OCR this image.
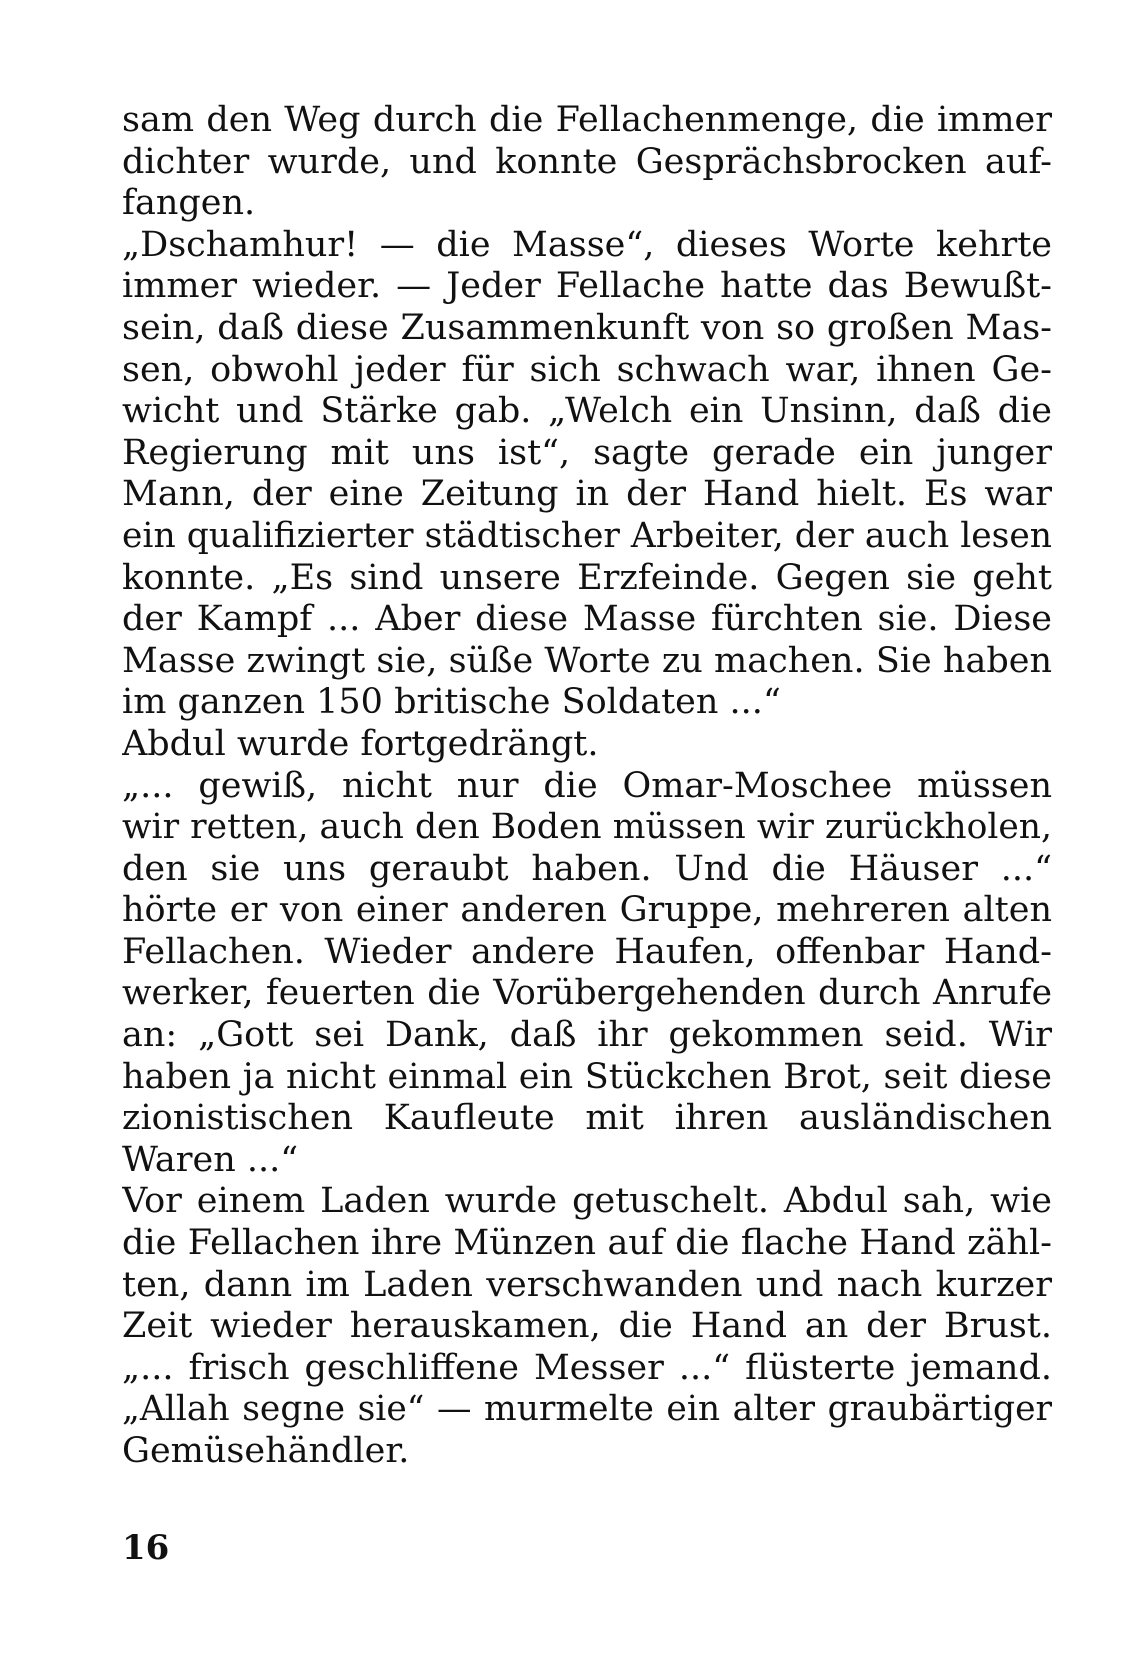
sam den Weg durch die Fellachenmenge, die immer
dichter wurde, und konnte Gesprächsbrocken auf-
fangen.
„Dschamhur! — die Masse“, dieses Worte kehrte
immer wieder. — Jeder Fellache hatte das Bewußt-
sein, daß diese Zusammenkunft von so großen Mas-
sen, obwohl jeder für sich schwach war, ihnen Ge-
wicht und Stärke gab. „Welch ein Unsinn, daß die
Regierung mit uns ist“, sagte gerade ein junger
Mann, der eine Zeitung in der Hand hielt. Es war
ein qualifizierter städtischer Arbeiter, der auch lesen
konnte. „Es sind unsere Erzfeinde. Gegen sie geht
der Kampf ... Aber diese Masse fürchten sie. Diese
Masse zwingt sie, süße Worte zu machen. Sie haben
im ganzen 150 britische Soldaten ...“
Abdul wurde fortgedrängt.
„... gewiß, nicht nur die Omar-Moschee müssen
wir retten, auch den Boden müssen wir zurückholen,
den sie uns geraubt haben. Und die Häuser ...“
hörte er von einer anderen Gruppe, mehreren alten
Fellachen. Wieder andere Haufen, offenbar Hand-
werker, feuerten die Vorübergehenden durch Anrufe
an: „Gott sei Dank, daß ihr gekommen seid. Wir
haben ja nicht einmal ein Stückchen Brot, seit diese
zionistischen Kaufleute mit ihren ausländischen
Waren ...“
Vor einem Laden wurde getuschelt. Abdul sah, wie
die Fellachen ihre Münzen auf die flache Hand zähl-
ten, dann im Laden verschwanden und nach kurzer
Zeit wieder herauskamen, die Hand an der Brust.
„... frisch geschliffene Messer ...“ flüsterte jemand.
„Allah segne sie“ — murmelte ein alter graubärtiger
Gemüsehändler.
16
